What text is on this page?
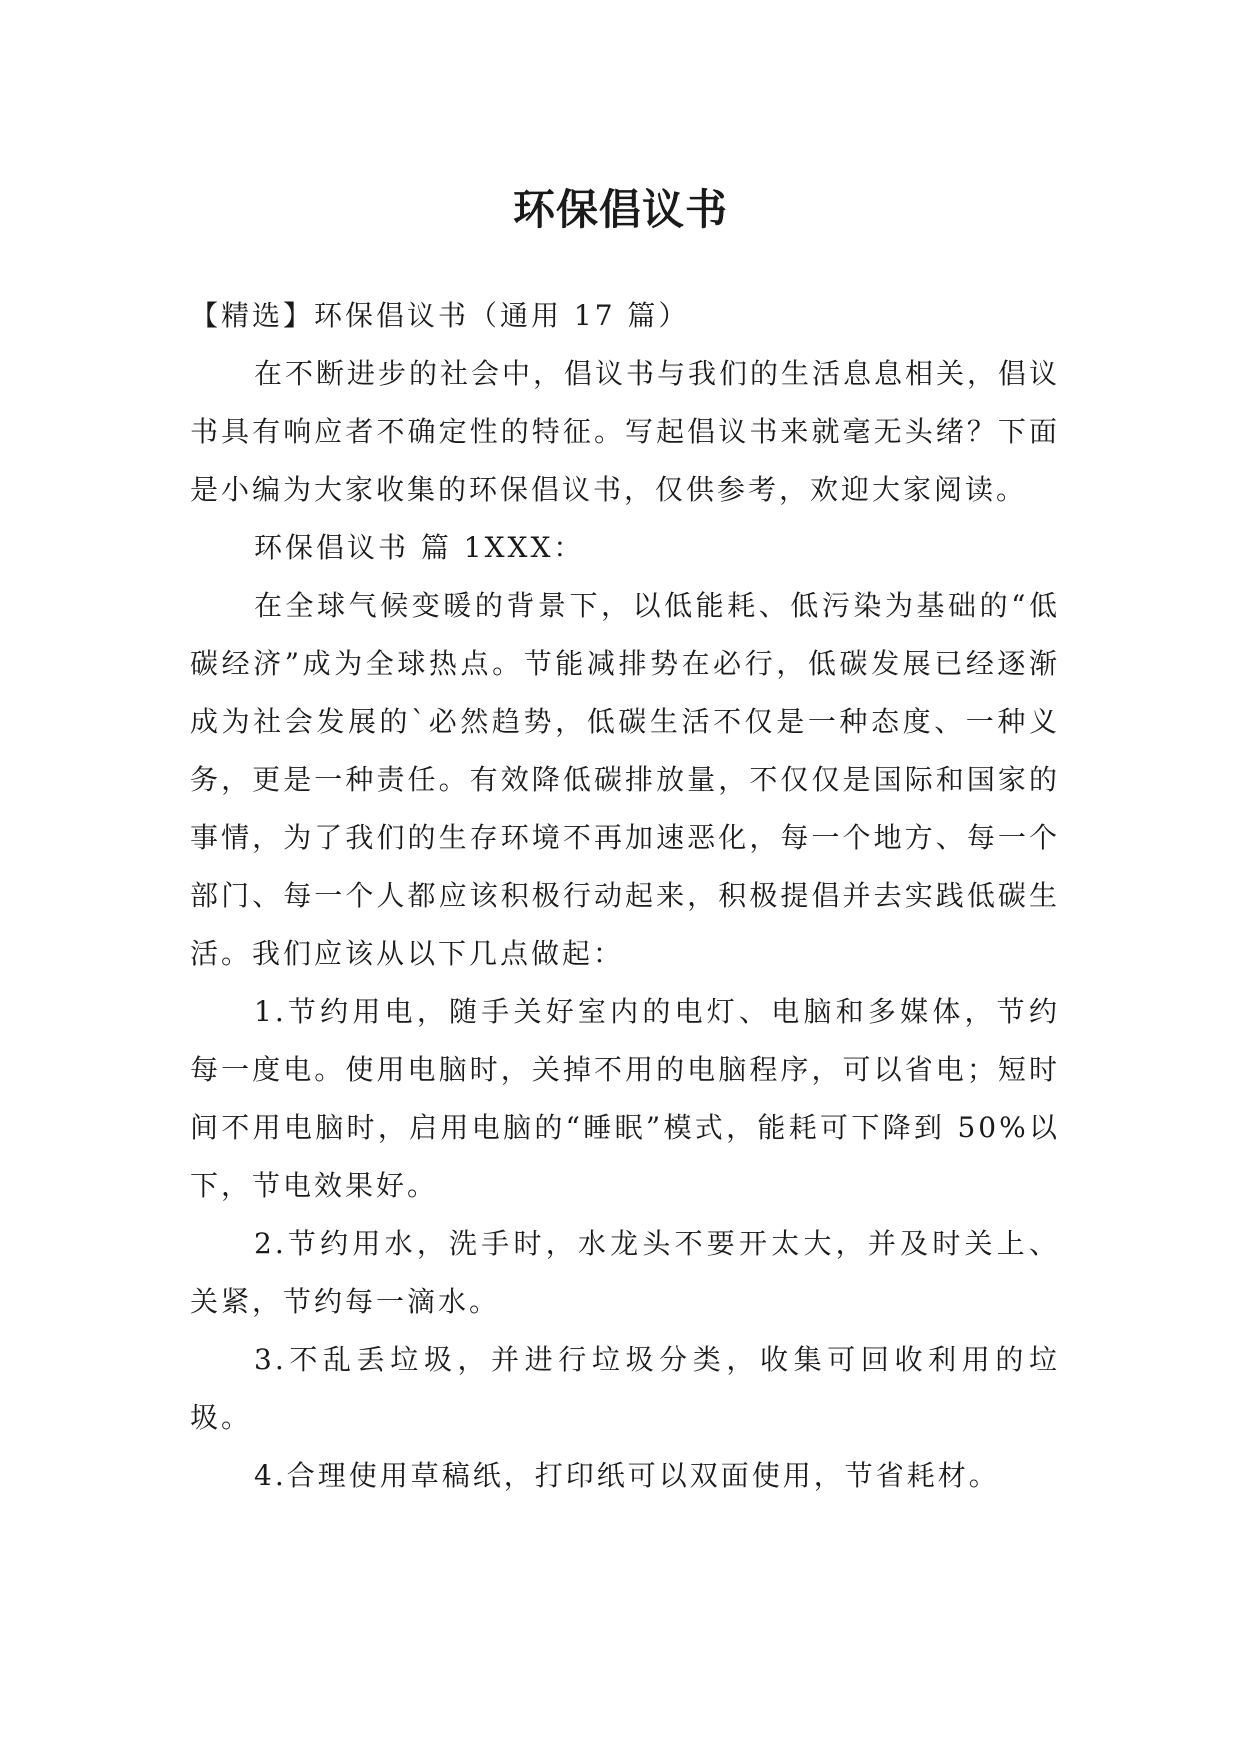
环保倡议书

【精选】环保倡议书（通用 17 篇）

在不断进步的社会中，倡议书与我们的生活息息相关，倡议书具有响应者不确定性的特征。写起倡议书来就毫无头绪？下面是小编为大家收集的环保倡议书，仅供参考，欢迎大家阅读。

环保倡议书 篇 1XXX：

在全球气候变暖的背景下，以低能耗、低污染为基础的“低碳经济”成为全球热点。节能减排势在必行，低碳发展已经逐渐成为社会发展的`必然趋势，低碳生活不仅是一种态度、一种义务，更是一种责任。有效降低碳排放量，不仅仅是国际和国家的事情，为了我们的生存环境不再加速恶化，每一个地方、每一个部门、每一个人都应该积极行动起来，积极提倡并去实践低碳生活。我们应该从以下几点做起：

1.节约用电，随手关好室内的电灯、电脑和多媒体，节约每一度电。使用电脑时，关掉不用的电脑程序，可以省电；短时间不用电脑时，启用电脑的“睡眠”模式，能耗可下降到 50%以下，节电效果好。

2.节约用水，洗手时，水龙头不要开太大，并及时关上、关紧，节约每一滴水。

3.不乱丢垃圾，并进行垃圾分类，收集可回收利用的垃圾。

4.合理使用草稿纸，打印纸可以双面使用，节省耗材。
